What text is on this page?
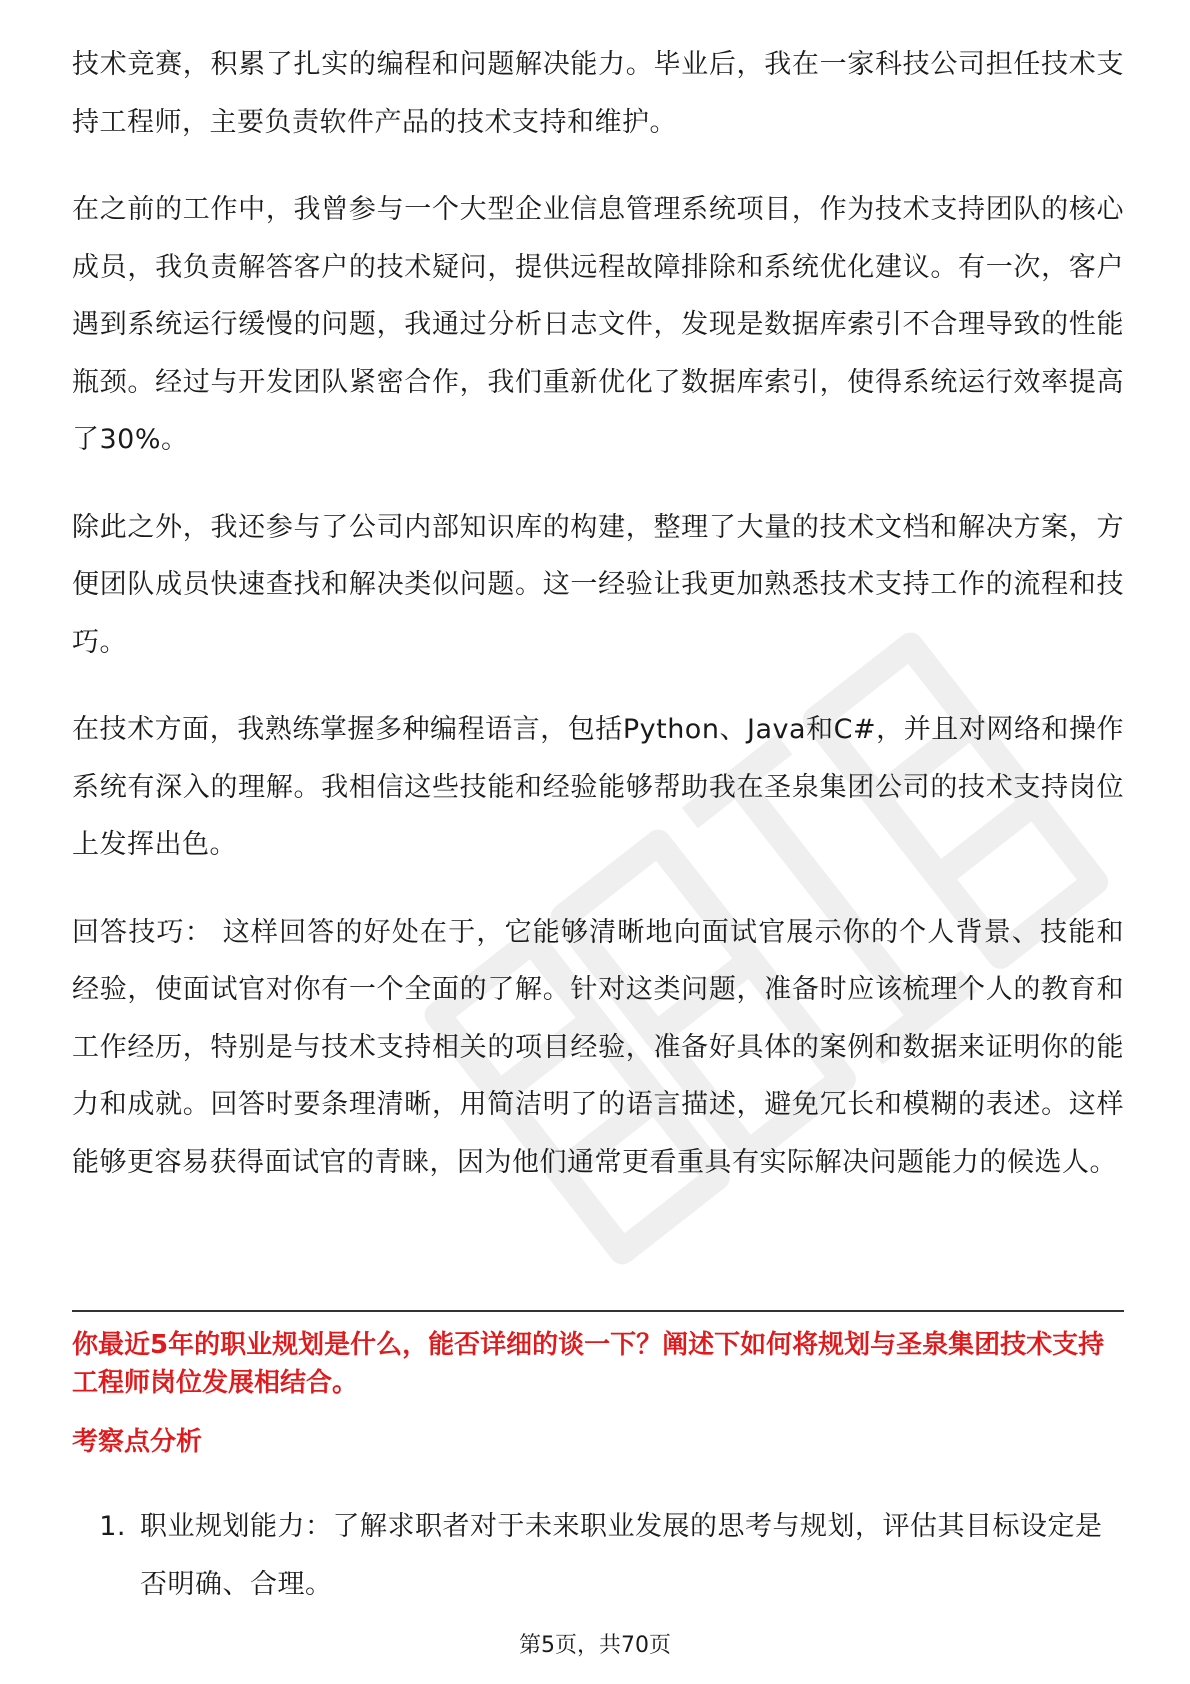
技术竞赛，积累了扎实的编程和问题解决能力。毕业后，我在一家科技公司担任技术支持工程师，主要负责软件产品的技术支持和维护。

在之前的工作中，我曾参与一个大型企业信息管理系统项目，作为技术支持团队的核心成员，我负责解答客户的技术疑问，提供远程故障排除和系统优化建议。有一次，客户遇到系统运行缓慢的问题，我通过分析日志文件，发现是数据库索引不合理导致的性能瓶颈。经过与开发团队紧密合作，我们重新优化了数据库索引，使得系统运行效率提高了30%。

除此之外，我还参与了公司内部知识库的构建，整理了大量的技术文档和解决方案，方便团队成员快速查找和解决类似问题。这一经验让我更加熟悉技术支持工作的流程和技巧。

在技术方面，我熟练掌握多种编程语言，包括Python、Java和C#，并且对网络和操作系统有深入的理解。我相信这些技能和经验能够帮助我在圣泉集团公司的技术支持岗位上发挥出色。

回答技巧： 这样回答的好处在于，它能够清晰地向面试官展示你的个人背景、技能和经验，使面试官对你有一个全面的了解。针对这类问题，准备时应该梳理个人的教育和工作经历，特别是与技术支持相关的项目经验，准备好具体的案例和数据来证明你的能力和成就。回答时要条理清晰，用简洁明了的语言描述，避免冗长和模糊的表述。这样能够更容易获得面试官的青睐，因为他们通常更看重具有实际解决问题能力的候选人。

你最近5年的职业规划是什么，能否详细的谈一下？阐述下如何将规划与圣泉集团技术支持工程师岗位发展相结合。

考察点分析

1. 职业规划能力：了解求职者对于未来职业发展的思考与规划，评估其目标设定是否明确、合理。
第5页，共70页
